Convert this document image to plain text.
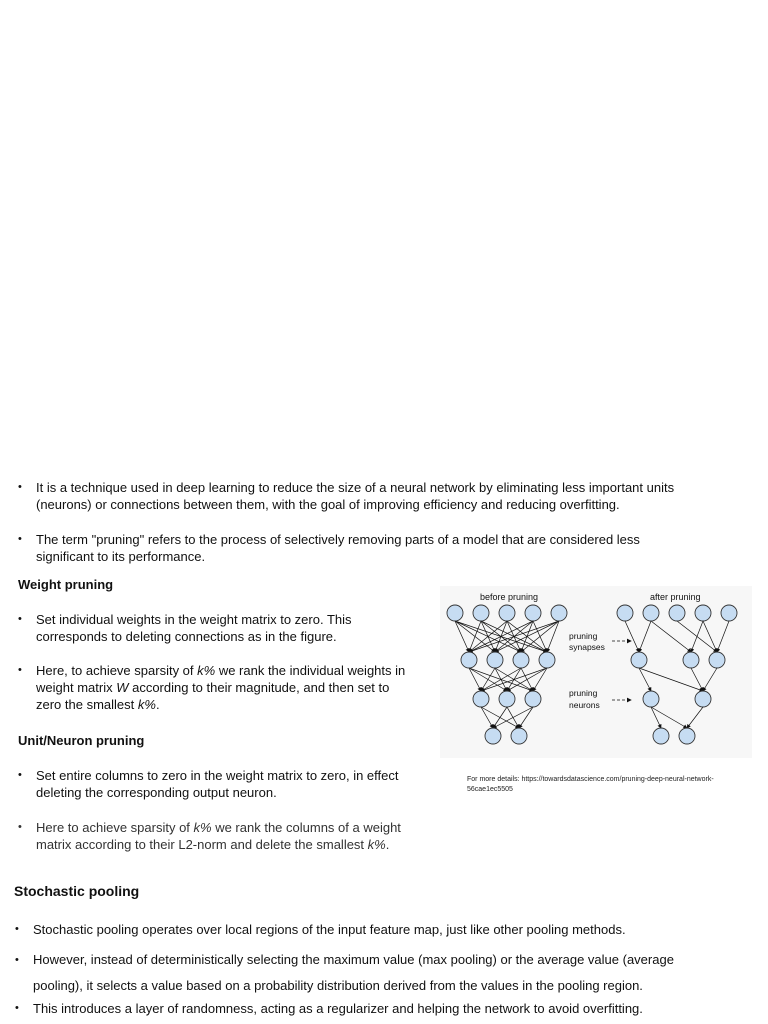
• It is a technique used in deep learning to reduce the size of a neural network by eliminating less important units (neurons) or connections between them, with the goal of improving efficiency and reducing overfitting.
• The term "pruning" refers to the process of selectively removing parts of a model that are considered less significant to its performance.
Weight pruning
• Set individual weights in the weight matrix to zero. This corresponds to deleting connections as in the figure.
• Here, to achieve sparsity of k% we rank the individual weights in weight matrix W according to their magnitude, and then set to zero the smallest k%.
Unit/Neuron pruning
• Set entire columns to zero in the weight matrix to zero, in effect deleting the corresponding output neuron.
• Here to achieve sparsity of k% we rank the columns of a weight matrix according to their L2-norm and delete the smallest k%.
before pruning	after pruning
pruning
synapses
pruning
neurons
For more details: https://towardsdatascience.com/pruning-deep-neural-network-56cae1ec5505
Stochastic pooling
• Stochastic pooling operates over local regions of the input feature map, just like other pooling methods.
• However, instead of deterministically selecting the maximum value (max pooling) or the average value (average pooling), it selects a value based on a probability distribution derived from the values in the pooling region.
• This introduces a layer of randomness, acting as a regularizer and helping the network to avoid overfitting.
